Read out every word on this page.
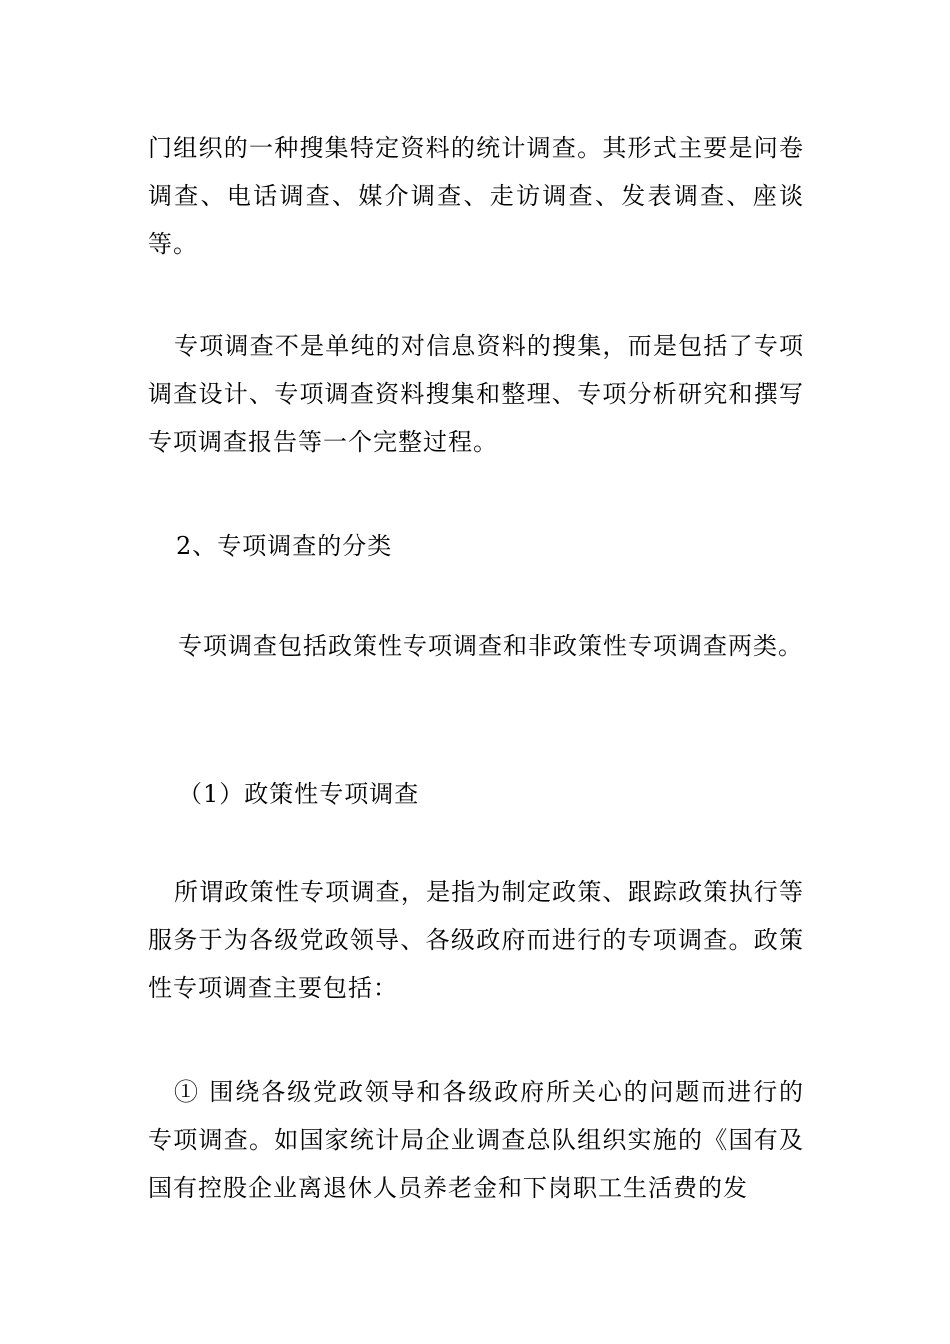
门组织的一种搜集特定资料的统计调查。其形式主要是问卷调查、电话调查、媒介调查、走访调查、发表调查、座谈等。

专项调查不是单纯的对信息资料的搜集，而是包括了专项调查设计、专项调查资料搜集和整理、专项分析研究和撰写专项调查报告等一个完整过程。

2、专项调查的分类

专项调查包括政策性专项调查和非政策性专项调查两类。

（1）政策性专项调查

所谓政策性专项调查，是指为制定政策、跟踪政策执行等服务于为各级党政领导、各级政府而进行的专项调查。政策性专项调查主要包括：

① 围绕各级党政领导和各级政府所关心的问题而进行的专项调查。如国家统计局企业调查总队组织实施的《国有及国有控股企业离退休人员养老金和下岗职工生活费的发
